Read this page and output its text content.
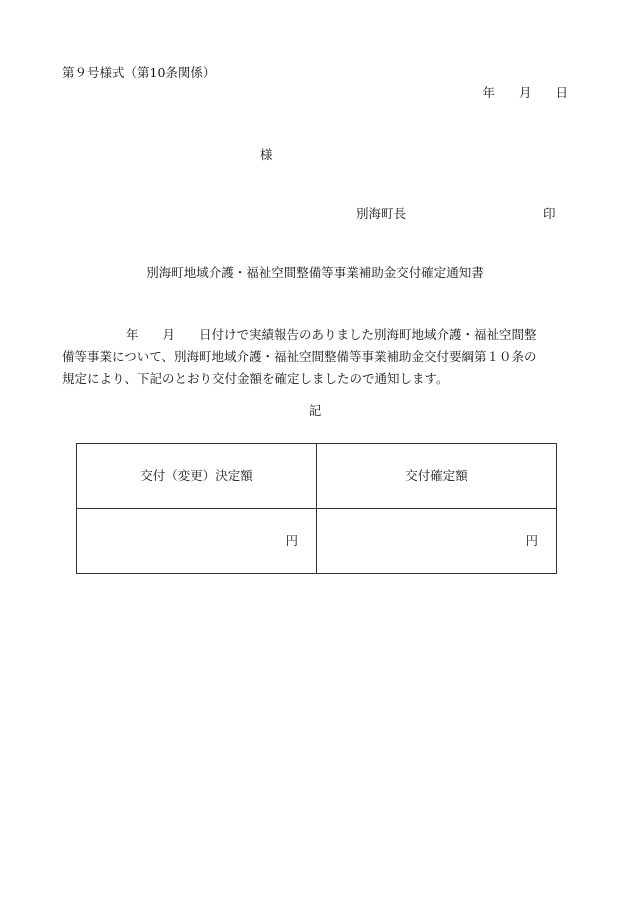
第９号様式（第10条関係）
年 月 日
様
別海町長	印
別海町地域介護・福祉空間整備等事業補助金交付確定通知書
年 月 日付けで実績報告のありました別海町地域介護・福祉空間整
備等事業について、別海町地域介護・福祉空間整備等事業補助金交付要綱第１０条の
規定により、下記のとおり交付金額を確定しましたので通知します。
記
交付（変更）決定額	交付確定額
円	円
